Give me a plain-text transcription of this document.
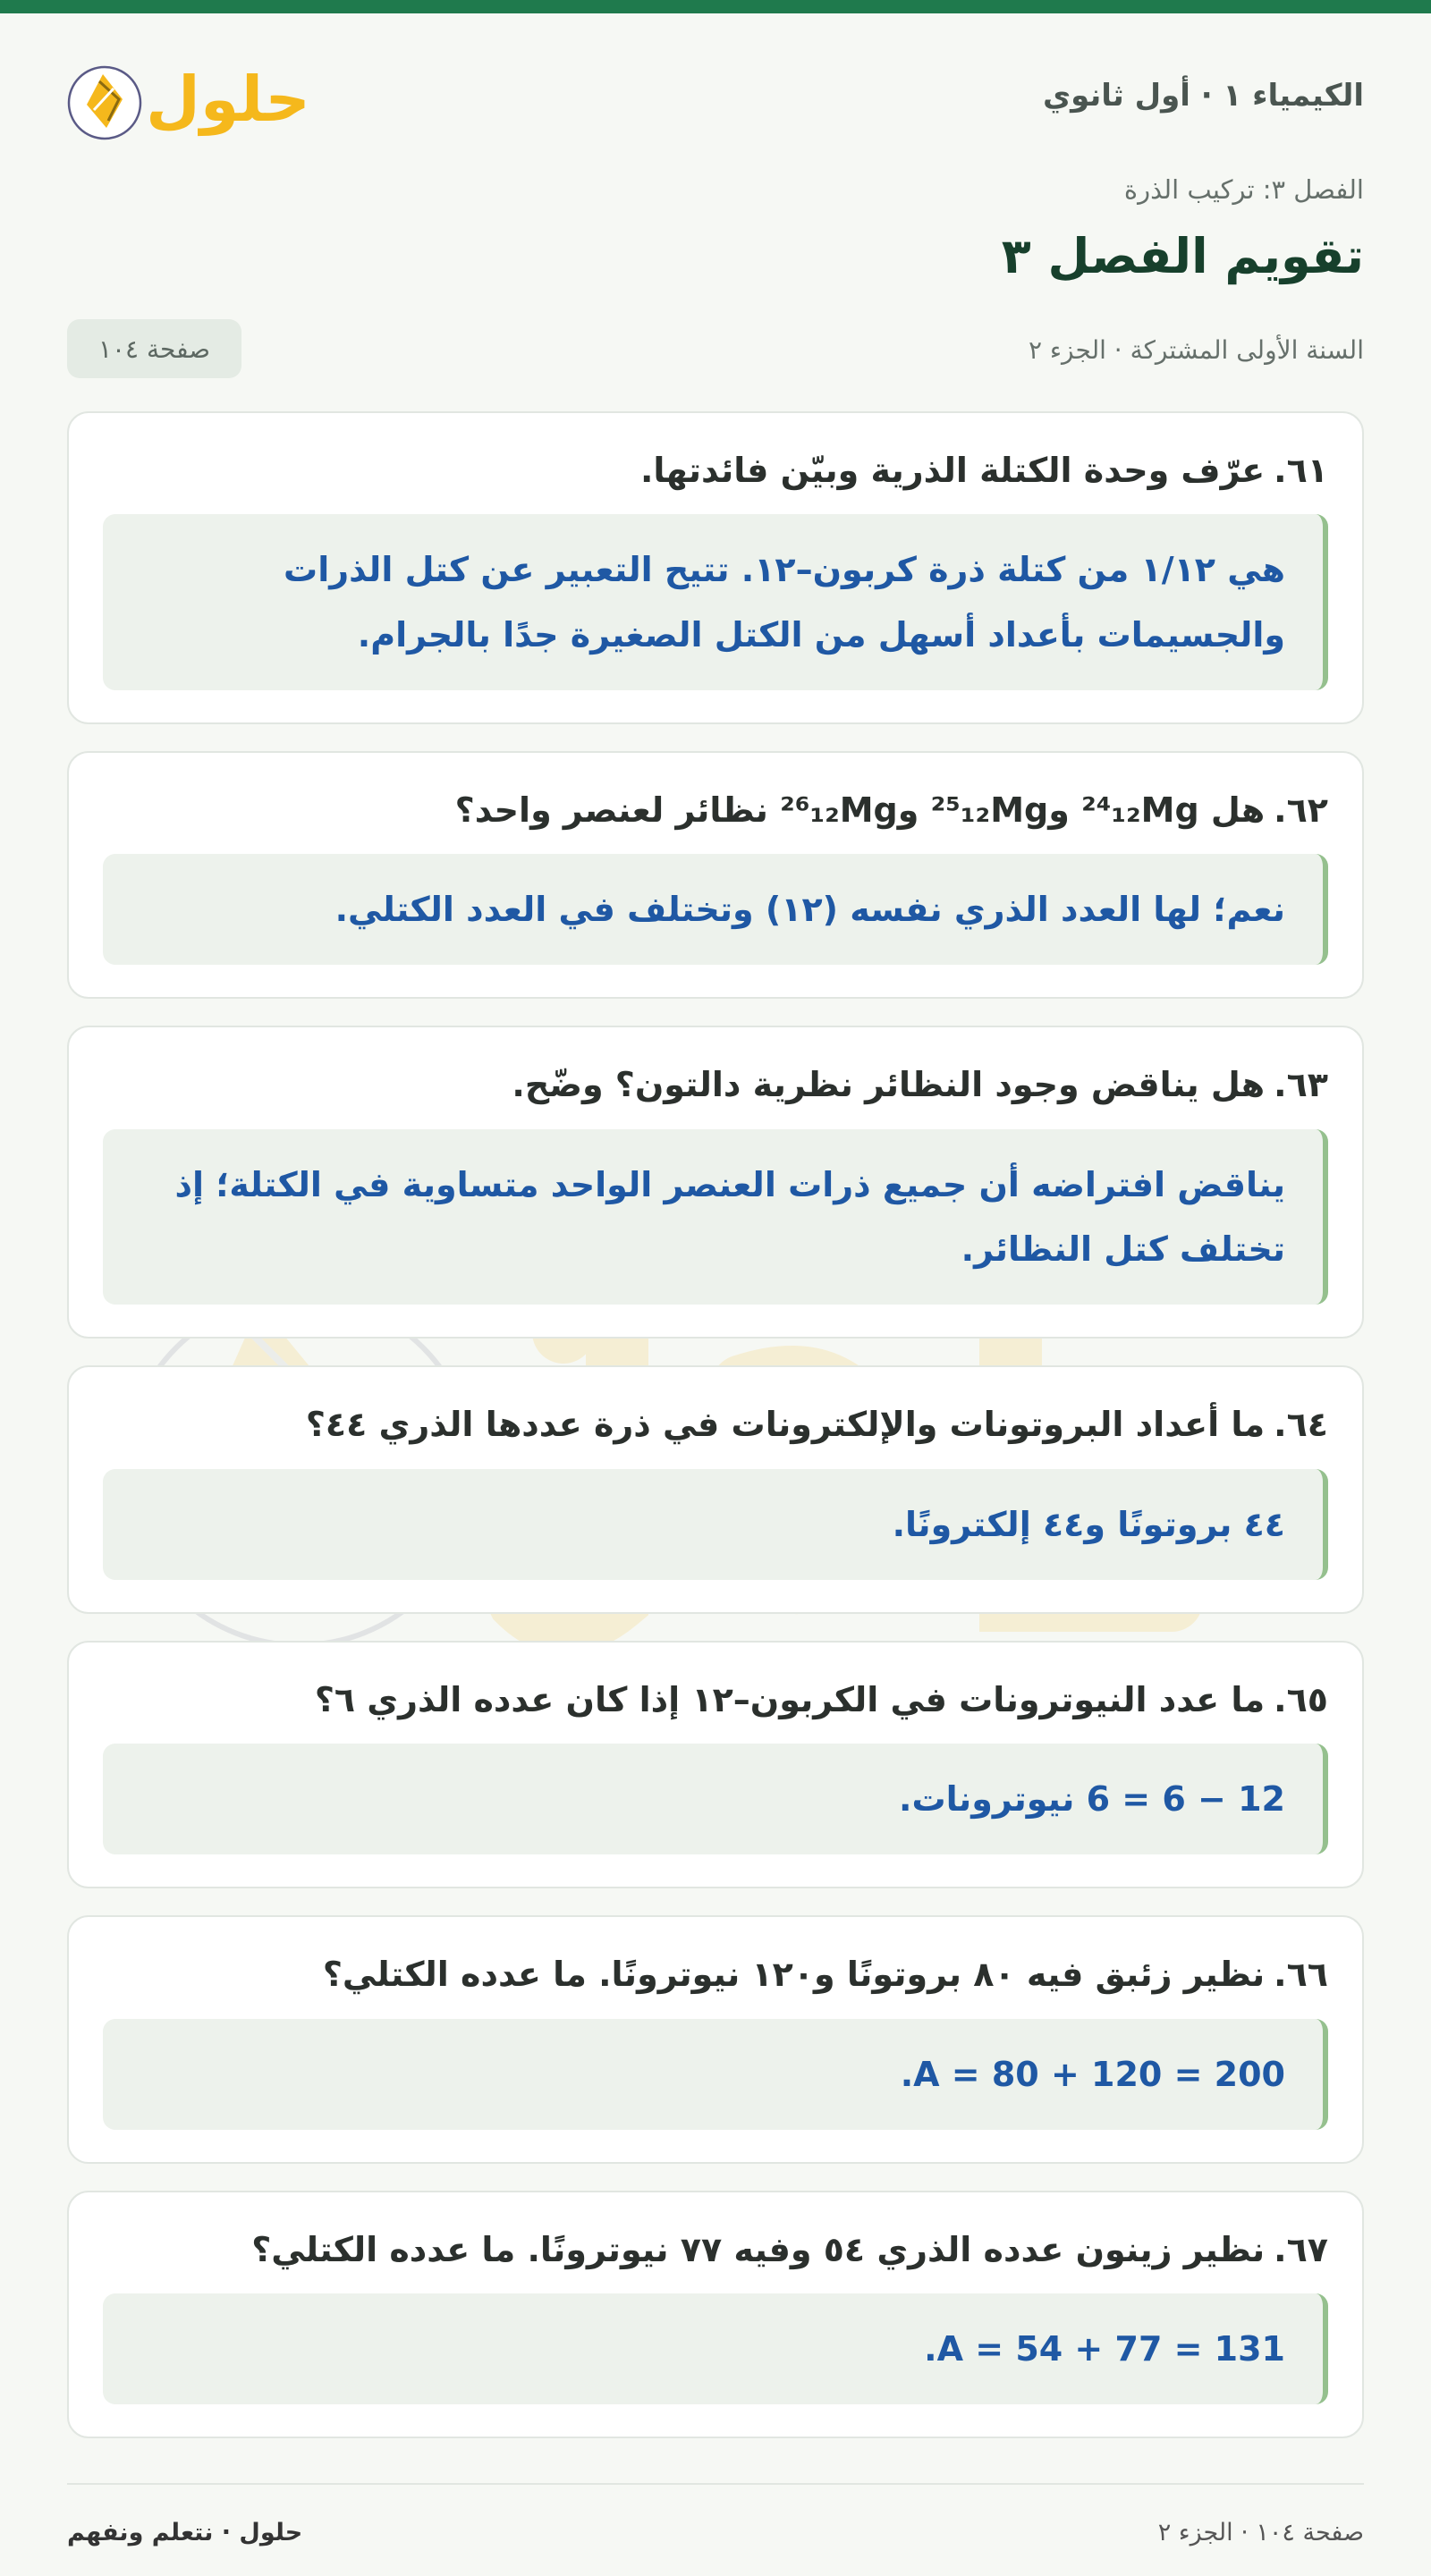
الكيمياء ١ · أول ثانوي
حلول
الفصل ٣: تركيب الذرة
تقويم الفصل ٣
السنة الأولى المشتركة · الجزء ٢
صفحة ١٠٤

٦١.عرّف وحدة الكتلة الذرية وبيّن فائدتها.

هي ١/١٢ من كتلة ذرة كربون–١٢. تتيح التعبير عن كتل الذرات والجسيمات بأعداد أسهل من الكتل الصغيرة جدًا بالجرام.

٦٢.هل ²⁴₁₂Mg و²⁵₁₂Mg و²⁶₁₂Mg نظائر لعنصر واحد؟

نعم؛ لها العدد الذري نفسه (١٢) وتختلف في العدد الكتلي.

٦٣.هل يناقض وجود النظائر نظرية دالتون؟ وضّح.

يناقض افتراضه أن جميع ذرات العنصر الواحد متساوية في الكتلة؛ إذ تختلف كتل النظائر.

٦٤.ما أعداد البروتونات والإلكترونات في ذرة عددها الذري ٤٤؟

٤٤ بروتونًا و٤٤ إلكترونًا.

٦٥.ما عدد النيوترونات في الكربون–١٢ إذا كان عدده الذري ٦؟

12 − 6 = 6 نيوترونات.

٦٦.نظير زئبق فيه ٨٠ بروتونًا و١٢٠ نيوترونًا. ما عدده الكتلي؟

A = 80 + 120 = 200.

٦٧.نظير زينون عدده الذري ٥٤ وفيه ٧٧ نيوترونًا. ما عدده الكتلي؟

A = 54 + 77 = 131.
صفحة ١٠٤ · الجزء ٢
حلول · نتعلم ونفهم
